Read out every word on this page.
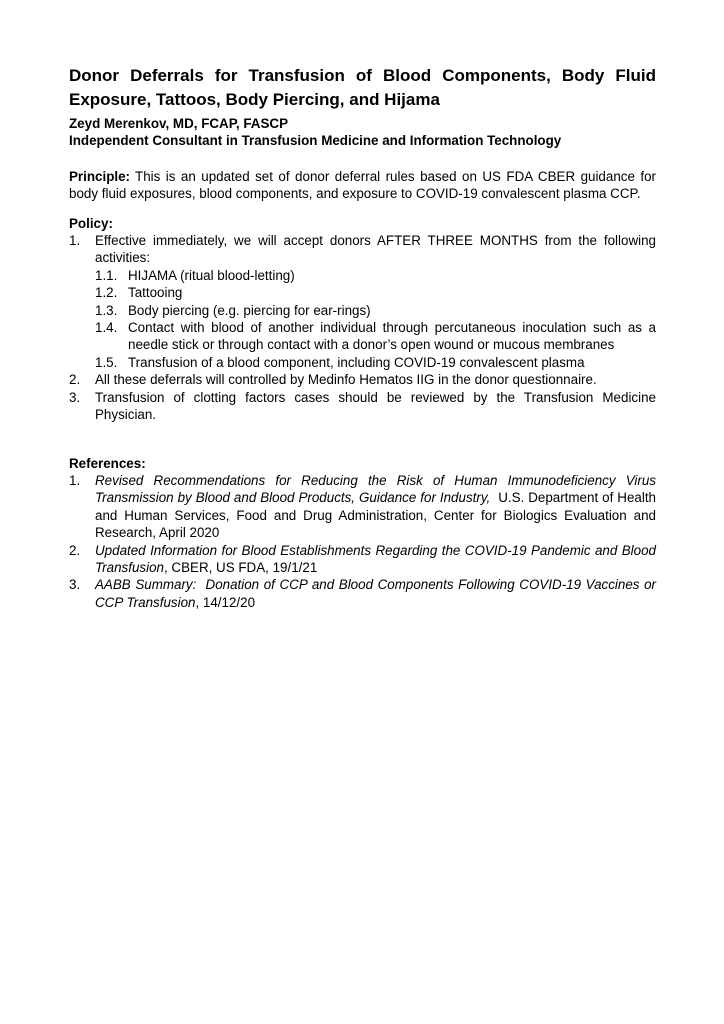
Donor Deferrals for Transfusion of Blood Components, Body Fluid Exposure, Tattoos, Body Piercing, and Hijama
Zeyd Merenkov, MD, FCAP, FASCP
Independent Consultant in Transfusion Medicine and Information Technology

Principle: This is an updated set of donor deferral rules based on US FDA CBER guidance for body fluid exposures, blood components, and exposure to COVID-19 convalescent plasma CCP.

Policy:
1. Effective immediately, we will accept donors AFTER THREE MONTHS from the following activities:
1.1. HIJAMA (ritual blood-letting)
1.2. Tattooing
1.3. Body piercing (e.g. piercing for ear-rings)
1.4. Contact with blood of another individual through percutaneous inoculation such as a needle stick or through contact with a donor’s open wound or mucous membranes
1.5. Transfusion of a blood component, including COVID-19 convalescent plasma
2. All these deferrals will controlled by Medinfo Hematos IIG in the donor questionnaire.
3. Transfusion of clotting factors cases should be reviewed by the Transfusion Medicine Physician.
References:
1. Revised Recommendations for Reducing the Risk of Human Immunodeficiency Virus Transmission by Blood and Blood Products, Guidance for Industry,  U.S. Department of Health and Human Services, Food and Drug Administration, Center for Biologics Evaluation and Research, April 2020
2. Updated Information for Blood Establishments Regarding the COVID-19 Pandemic and Blood Transfusion, CBER, US FDA, 19/1/21
3. AABB Summary:  Donation of CCP and Blood Components Following COVID-19 Vaccines or CCP Transfusion, 14/12/20
